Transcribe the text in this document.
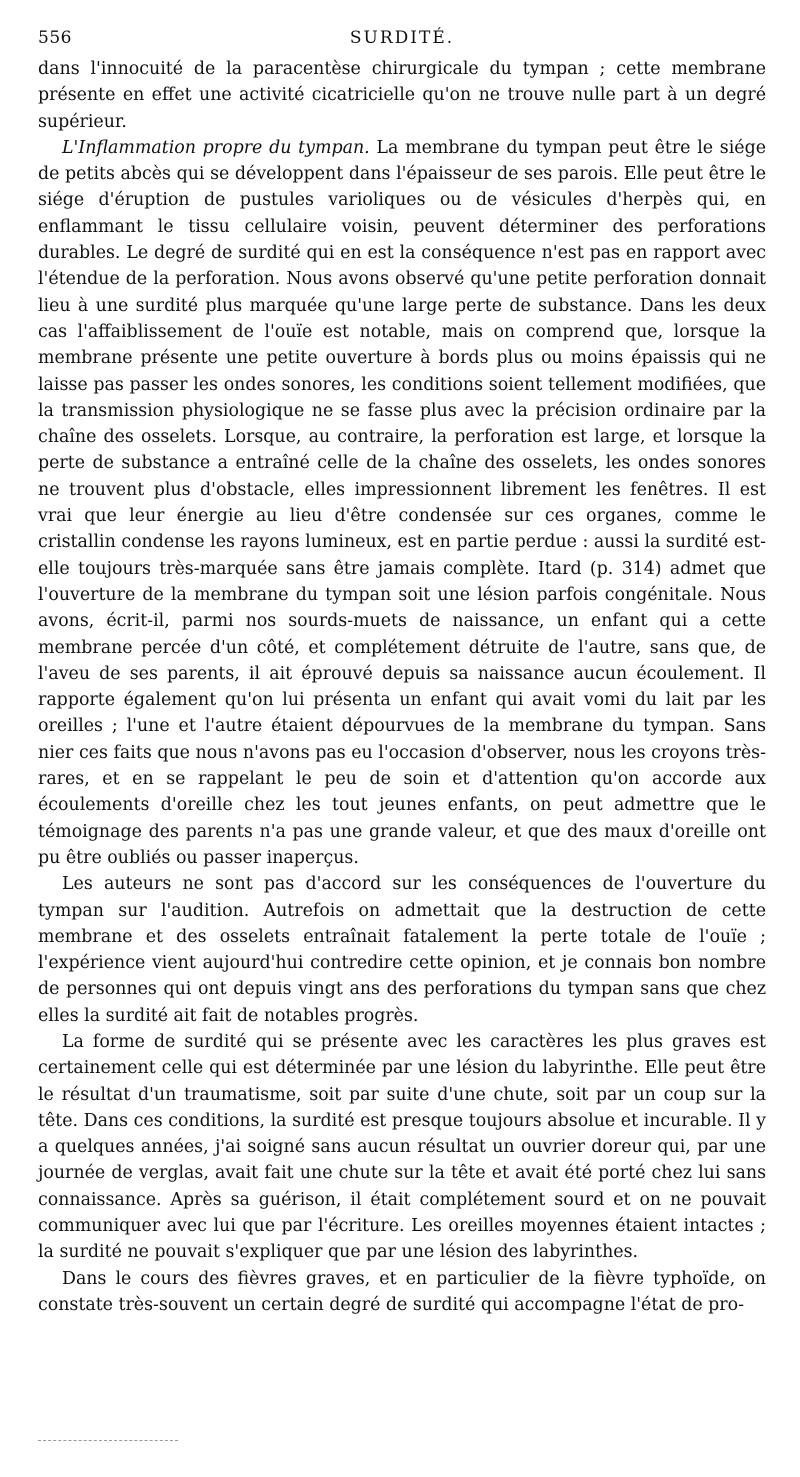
556	SURDITÉ.

dans l'innocuité de la paracentèse chirurgicale du tympan ; cette membrane présente en effet une activité cicatricielle qu'on ne trouve nulle part à un degré supérieur.

L'Inflammation propre du tympan. La membrane du tympan peut être le siége de petits abcès qui se développent dans l'épaisseur de ses parois. Elle peut être le siége d'éruption de pustules varioliques ou de vésicules d'herpès qui, en enflammant le tissu cellulaire voisin, peuvent déterminer des perforations durables. Le degré de surdité qui en est la conséquence n'est pas en rapport avec l'étendue de la perforation. Nous avons observé qu'une petite perforation donnait lieu à une surdité plus marquée qu'une large perte de substance. Dans les deux cas l'affaiblissement de l'ouïe est notable, mais on comprend que, lorsque la membrane présente une petite ouverture à bords plus ou moins épaissis qui ne laisse pas passer les ondes sonores, les conditions soient tellement modifiées, que la transmission physiologique ne se fasse plus avec la précision ordinaire par la chaîne des osselets. Lorsque, au contraire, la perforation est large, et lorsque la perte de substance a entraîné celle de la chaîne des osselets, les ondes sonores ne trouvent plus d'obstacle, elles impressionnent librement les fenêtres. Il est vrai que leur énergie au lieu d'être condensée sur ces organes, comme le cristallin condense les rayons lumineux, est en partie perdue : aussi la surdité est-elle toujours très-marquée sans être jamais complète. Itard (p. 314) admet que l'ouverture de la membrane du tympan soit une lésion parfois congénitale. Nous avons, écrit-il, parmi nos sourds-muets de naissance, un enfant qui a cette membrane percée d'un côté, et complétement détruite de l'autre, sans que, de l'aveu de ses parents, il ait éprouvé depuis sa naissance aucun écoulement. Il rapporte également qu'on lui présenta un enfant qui avait vomi du lait par les oreilles ; l'une et l'autre étaient dépourvues de la membrane du tympan. Sans nier ces faits que nous n'avons pas eu l'occasion d'observer, nous les croyons très-rares, et en se rappelant le peu de soin et d'attention qu'on accorde aux écoulements d'oreille chez les tout jeunes enfants, on peut admettre que le témoignage des parents n'a pas une grande valeur, et que des maux d'oreille ont pu être oubliés ou passer inaperçus.

Les auteurs ne sont pas d'accord sur les conséquences de l'ouverture du tympan sur l'audition. Autrefois on admettait que la destruction de cette membrane et des osselets entraînait fatalement la perte totale de l'ouïe ; l'expérience vient aujourd'hui contredire cette opinion, et je connais bon nombre de personnes qui ont depuis vingt ans des perforations du tympan sans que chez elles la surdité ait fait de notables progrès.

La forme de surdité qui se présente avec les caractères les plus graves est certainement celle qui est déterminée par une lésion du labyrinthe. Elle peut être le résultat d'un traumatisme, soit par suite d'une chute, soit par un coup sur la tête. Dans ces conditions, la surdité est presque toujours absolue et incurable. Il y a quelques années, j'ai soigné sans aucun résultat un ouvrier doreur qui, par une journée de verglas, avait fait une chute sur la tête et avait été porté chez lui sans connaissance. Après sa guérison, il était complétement sourd et on ne pouvait communiquer avec lui que par l'écriture. Les oreilles moyennes étaient intactes ; la surdité ne pouvait s'expliquer que par une lésion des labyrinthes.

Dans le cours des fièvres graves, et en particulier de la fièvre typhoïde, on constate très-souvent un certain degré de surdité qui accompagne l'état de pro-
